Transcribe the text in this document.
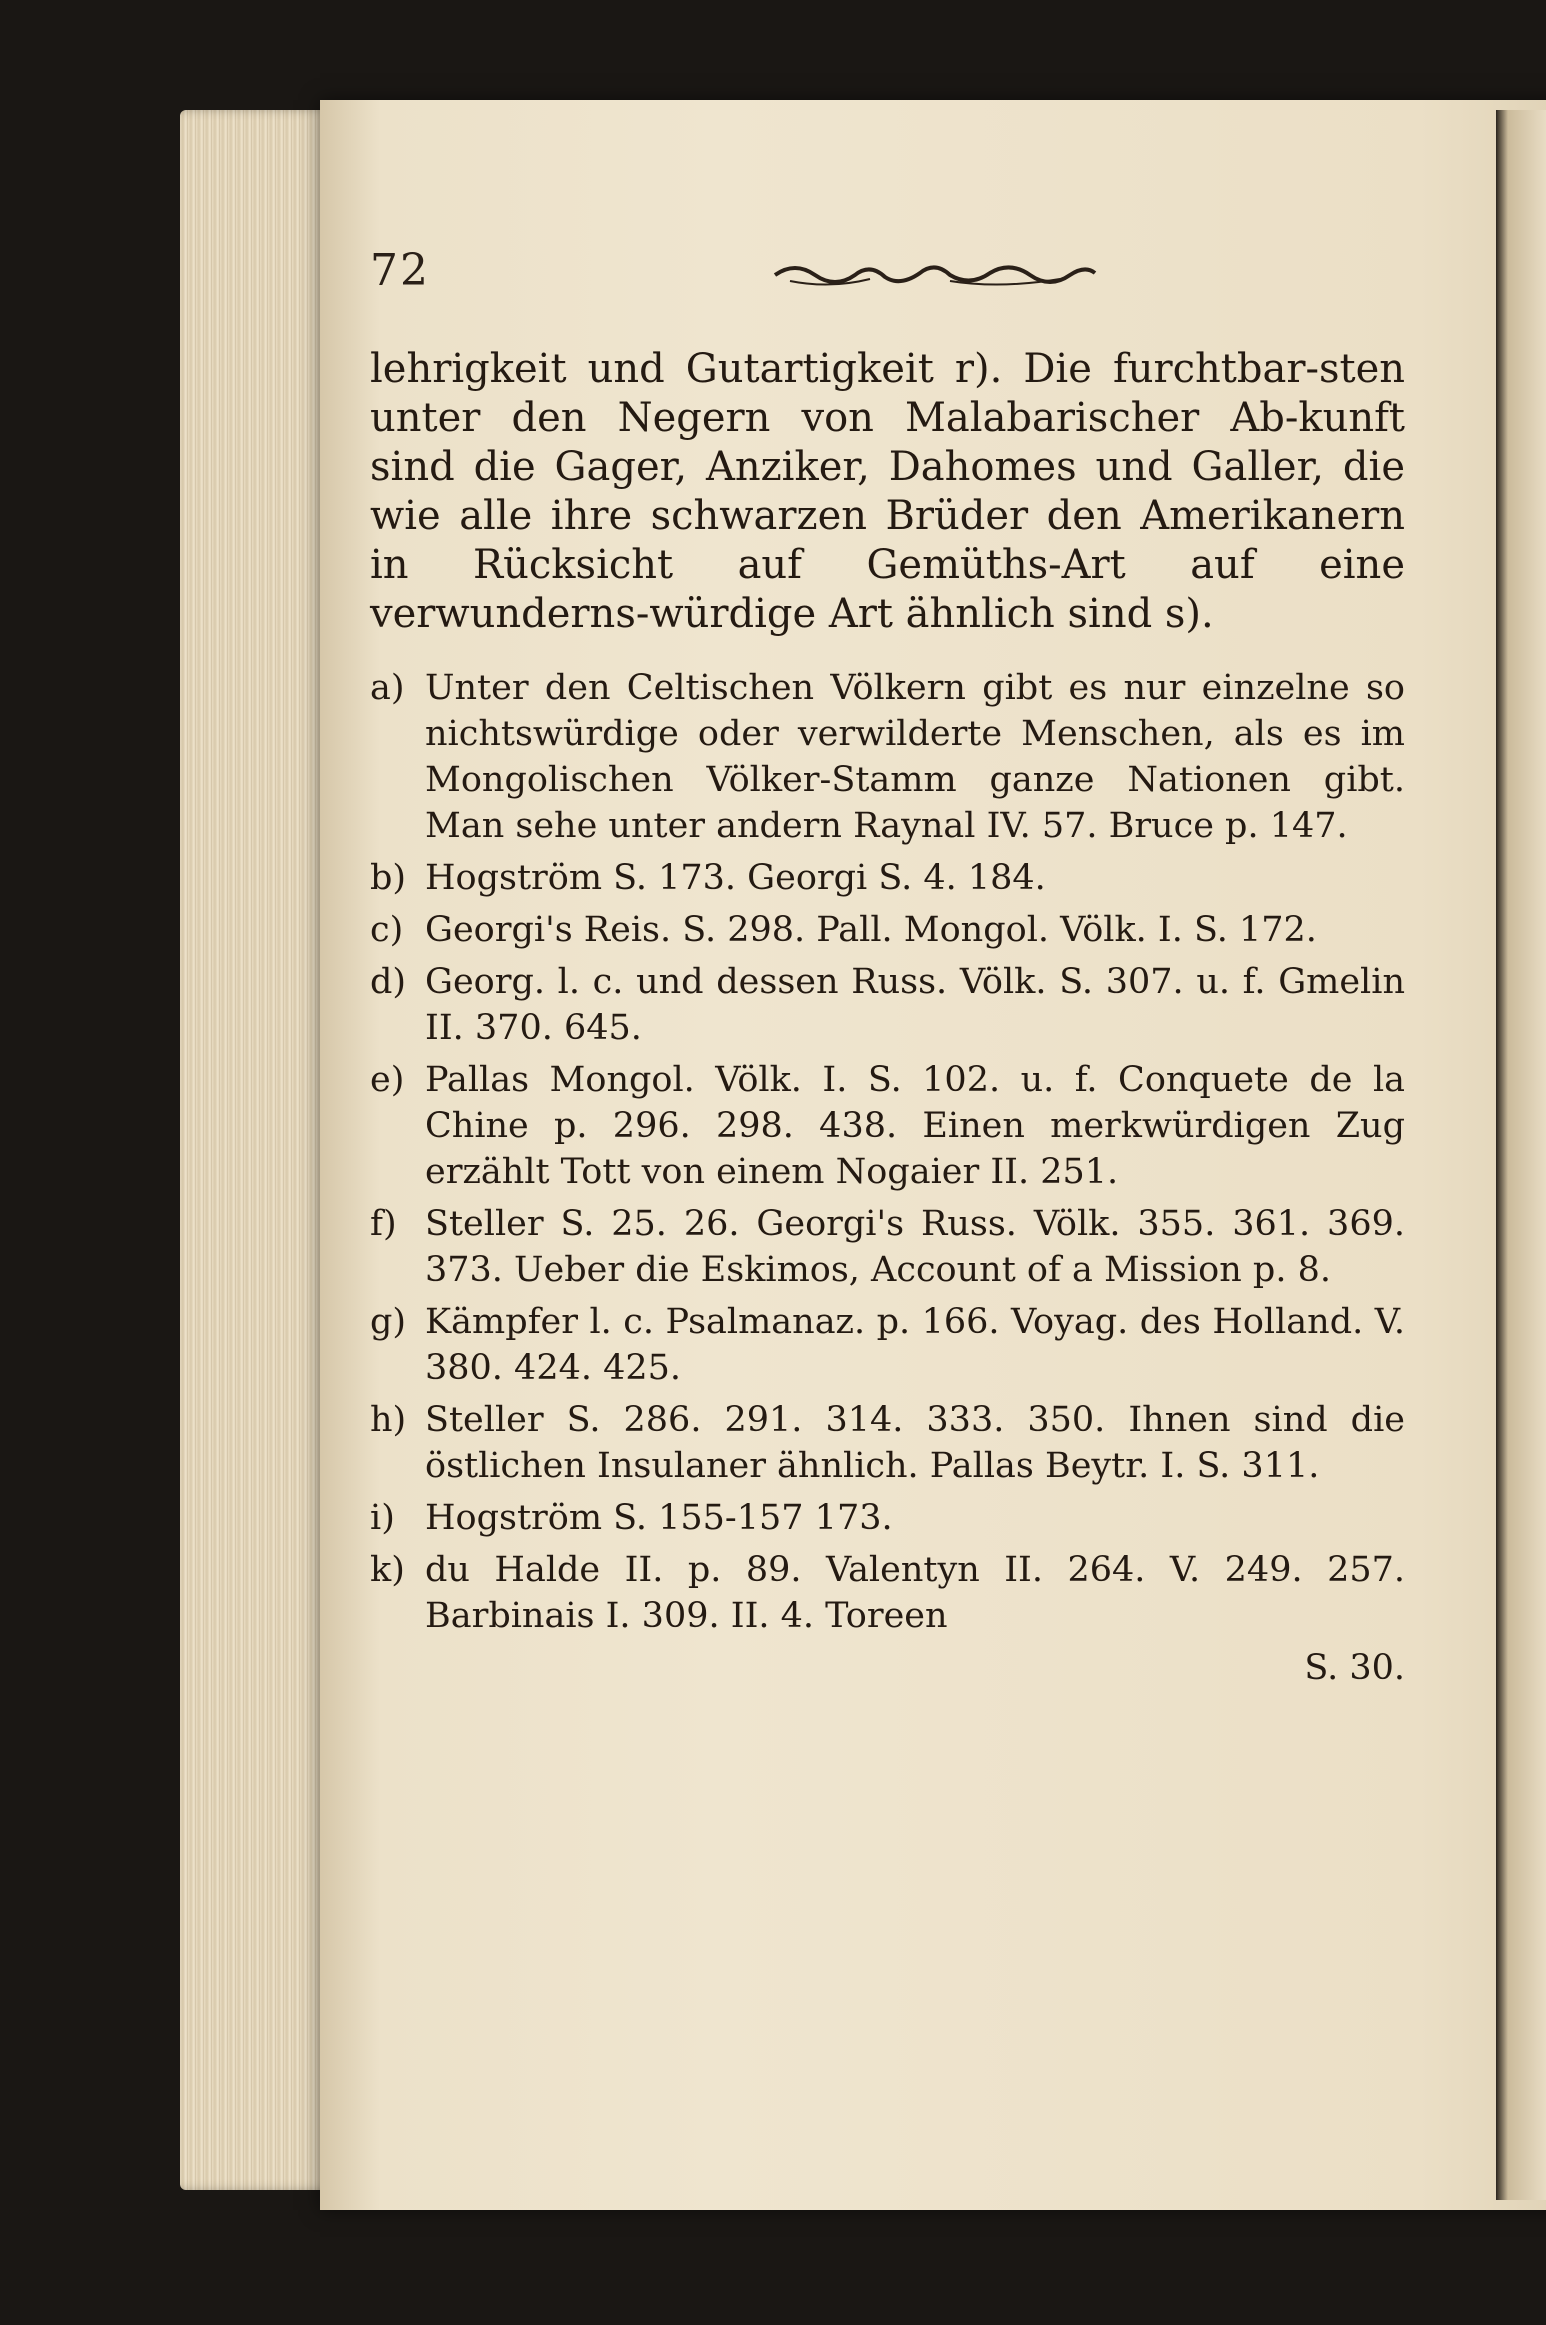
72

lehrigkeit und Gutartigkeit r). Die furchtbar-sten unter den Negern von Malabarischer Ab-kunft sind die Gager, Anziker, Dahomes und Galler, die wie alle ihre schwarzen Brüder den Amerikanern in Rücksicht auf Gemüths-Art auf eine verwunderns-würdige Art ähnlich sind s).

a) Unter den Celtischen Völkern gibt es nur einzelne so nichtswürdige oder verwilderte Menschen, als es im Mongolischen Völker-Stamm ganze Nationen gibt. Man sehe unter andern Raynal IV. 57. Bruce p. 147.
b) Hogström S. 173. Georgi S. 4. 184.
c) Georgi's Reis. S. 298. Pall. Mongol. Völk. I. S. 172.
d) Georg. l. c. und dessen Russ. Völk. S. 307. u. f. Gmelin II. 370. 645.
e) Pallas Mongol. Völk. I. S. 102. u. f. Conquete de la Chine p. 296. 298. 438. Einen merkwürdigen Zug erzählt Tott von einem Nogaier II. 251.
f) Steller S. 25. 26. Georgi's Russ. Völk. 355. 361. 369. 373. Ueber die Eskimos, Account of a Mission p. 8.
g) Kämpfer l. c. Psalmanaz. p. 166. Voyag. des Holland. V. 380. 424. 425.
h) Steller S. 286. 291. 314. 333. 350. Ihnen sind die östlichen Insulaner ähnlich. Pallas Beytr. I. S. 311.
i) Hogström S. 155-157 173.
k) du Halde II. p. 89. Valentyn II. 264. V. 249. 257. Barbinais I. 309. II. 4. Toreen
S. 30.
